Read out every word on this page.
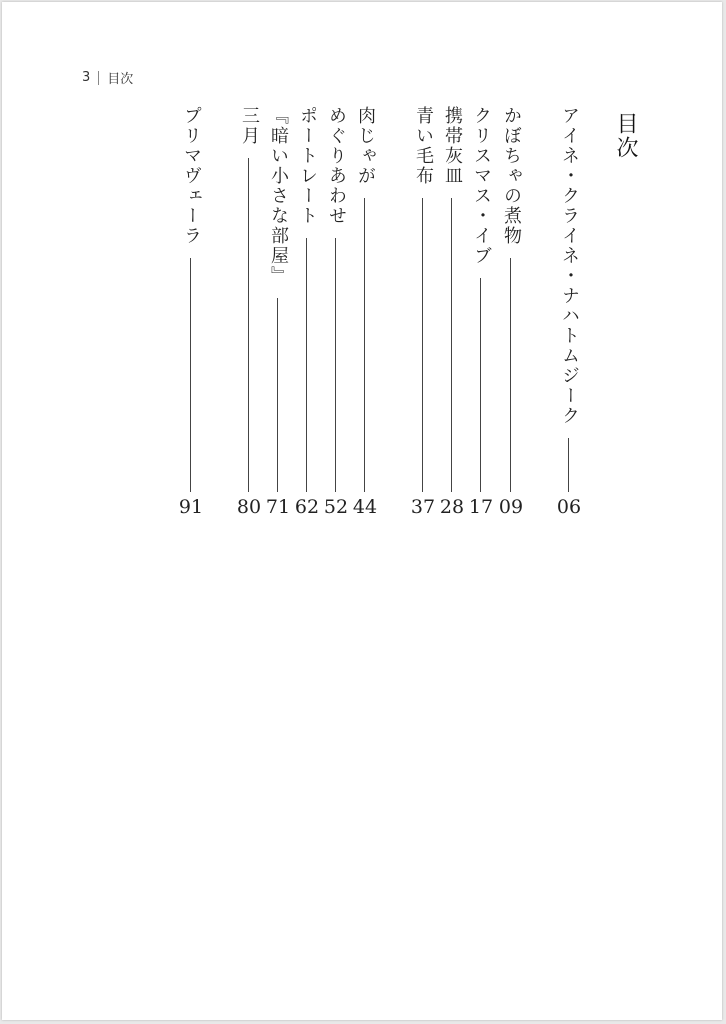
3 目次
目次
アイネ・クライネ・ナハトムジーク
06
かぼちゃの煮物
09
クリスマス・イブ
17
携帯灰皿
28
青い毛布
37
肉じゃが
44
めぐりあわせ
52
ポートレート
62
『暗い小さな部屋』
71
三月
80
プリマヴェーラ
91
